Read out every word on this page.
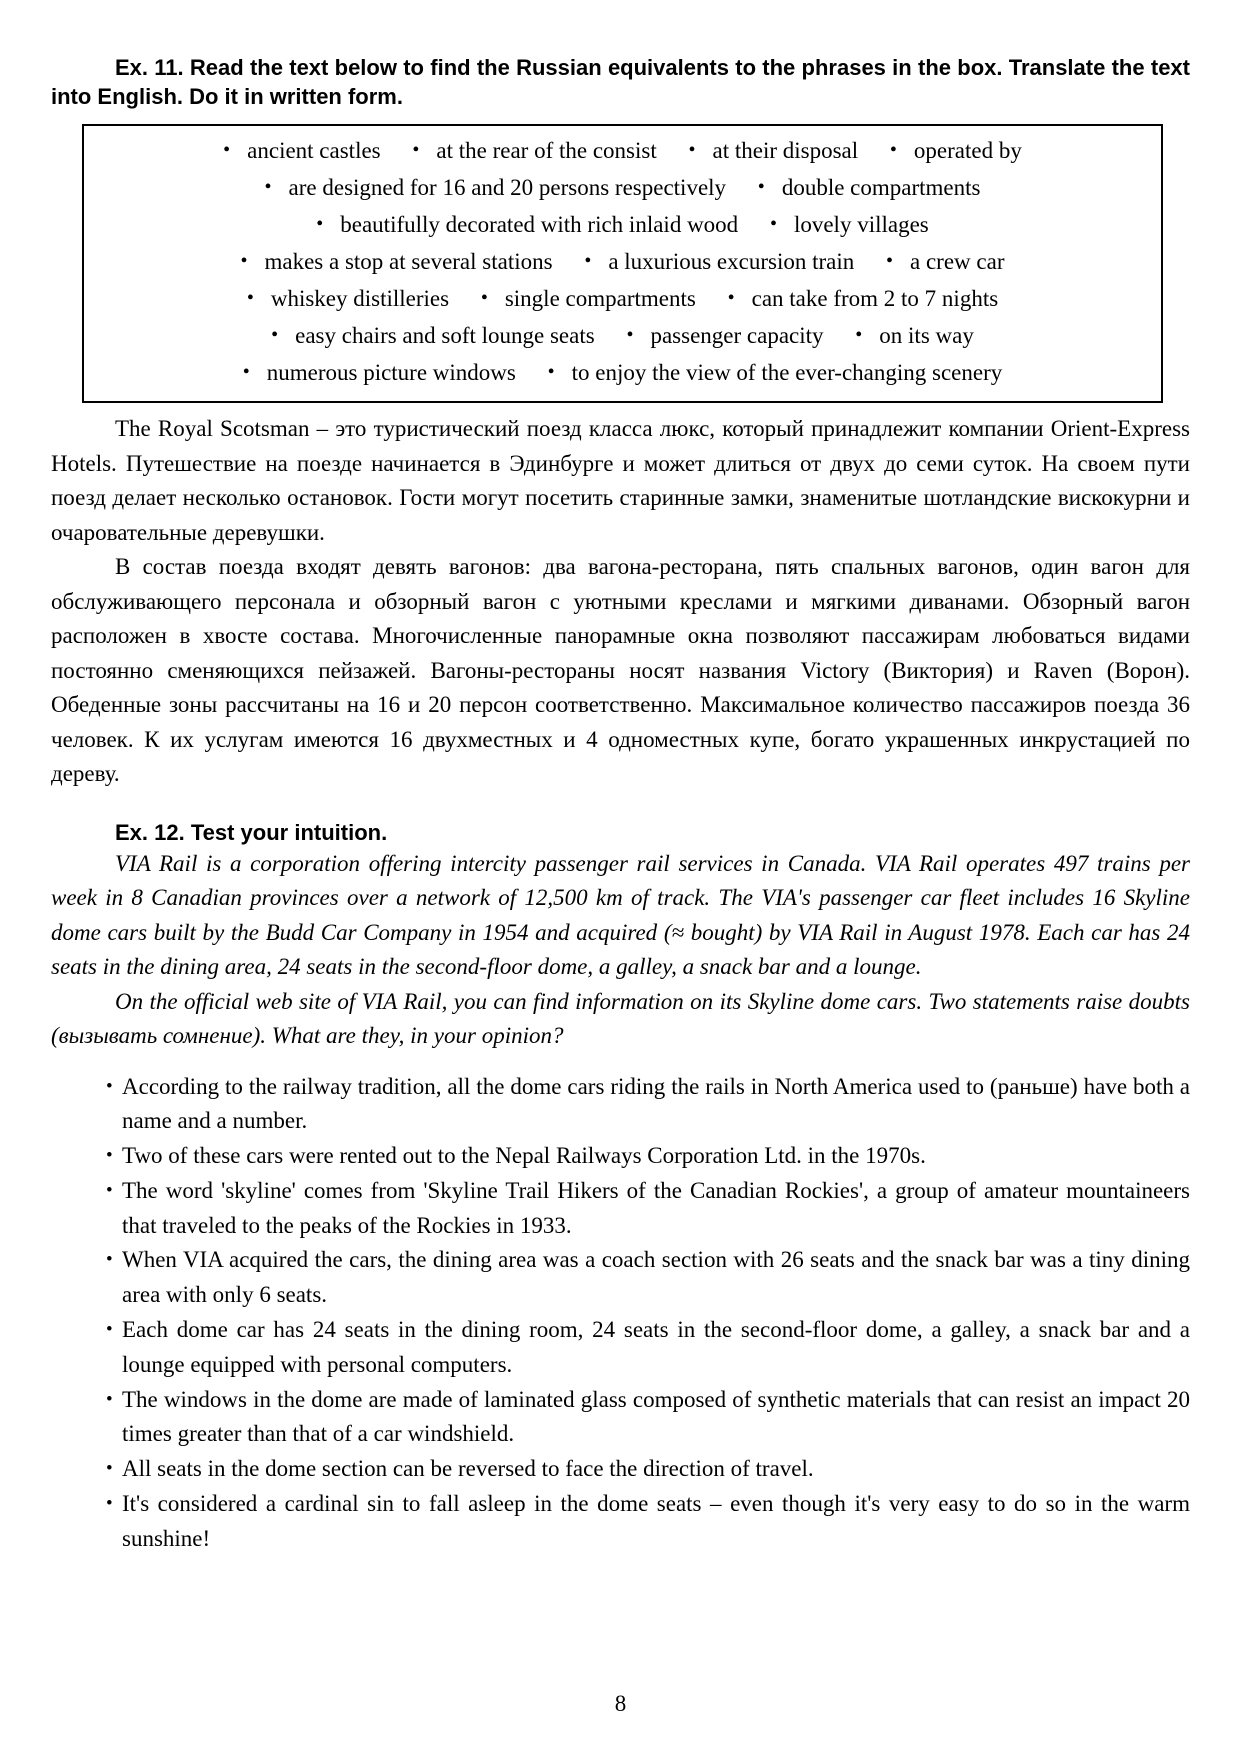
Ex. 11. Read the text below to find the Russian equivalents to the phrases in the box. Translate the text into English. Do it in written form.
• ancient castles • at the rear of the consist • at their disposal • operated by
• are designed for 16 and 20 persons respectively • double compartments
• beautifully decorated with rich inlaid wood • lovely villages
• makes a stop at several stations • a luxurious excursion train • a crew car
• whiskey distilleries • single compartments • can take from 2 to 7 nights
• easy chairs and soft lounge seats • passenger capacity • on its way
• numerous picture windows • to enjoy the view of the ever-changing scenery
The Royal Scotsman – это туристический поезд класса люкс, который принадлежит компании Orient-Express Hotels. Путешествие на поезде начинается в Эдинбурге и может длиться от двух до семи суток. На своем пути поезд делает несколько остановок. Гости могут посетить старинные замки, знаменитые шотландские вискокурни и очаровательные деревушки.
В состав поезда входят девять вагонов: два вагона-ресторана, пять спальных вагонов, один вагон для обслуживающего персонала и обзорный вагон с уютными креслами и мягкими диванами. Обзорный вагон расположен в хвосте состава. Многочисленные панорамные окна позволяют пассажирам любоваться видами постоянно сменяющихся пейзажей. Вагоны-рестораны носят названия Victory (Виктория) и Raven (Ворон). Обеденные зоны рассчитаны на 16 и 20 персон соответственно. Максимальное количество пассажиров поезда 36 человек. К их услугам имеются 16 двухместных и 4 одноместных купе, богато украшенных инкрустацией по дереву.
Ex. 12. Test your intuition.
VIA Rail is a corporation offering intercity passenger rail services in Canada. VIA Rail operates 497 trains per week in 8 Canadian provinces over a network of 12,500 km of track. The VIA's passenger car fleet includes 16 Skyline dome cars built by the Budd Car Company in 1954 and acquired (≈ bought) by VIA Rail in August 1978. Each car has 24 seats in the dining area, 24 seats in the second-floor dome, a galley, a snack bar and a lounge.
On the official web site of VIA Rail, you can find information on its Skyline dome cars. Two statements raise doubts (вызывать сомнение). What are they, in your opinion?
• According to the railway tradition, all the dome cars riding the rails in North America used to (раньше) have both a name and a number.
• Two of these cars were rented out to the Nepal Railways Corporation Ltd. in the 1970s.
• The word 'skyline' comes from 'Skyline Trail Hikers of the Canadian Rockies', a group of amateur mountaineers that traveled to the peaks of the Rockies in 1933.
• When VIA acquired the cars, the dining area was a coach section with 26 seats and the snack bar was a tiny dining area with only 6 seats.
• Each dome car has 24 seats in the dining room, 24 seats in the second-floor dome, a galley, a snack bar and a lounge equipped with personal computers.
• The windows in the dome are made of laminated glass composed of synthetic materials that can resist an impact 20 times greater than that of a car windshield.
• All seats in the dome section can be reversed to face the direction of travel.
• It's considered a cardinal sin to fall asleep in the dome seats – even though it's very easy to do so in the warm sunshine!
8
